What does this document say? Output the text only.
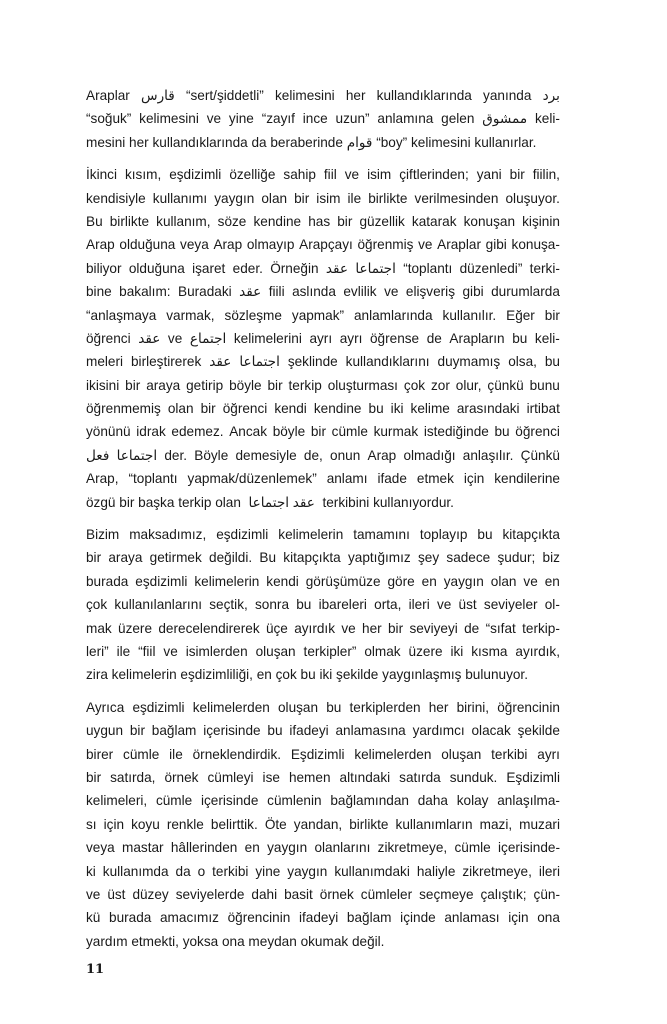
Araplar قارس “sert/şiddetli” kelimesini her kullandıklarında yanında برد
“soğuk” kelimesini ve yine “zayıf ince uzun” anlamına gelen ممشوق keli-
mesini her kullandıklarında da beraberinde قوام “boy” kelimesini kullanırlar.
İkinci kısım, eşdizimli özelliğe sahip fiil ve isim çiftlerinden; yani bir fiilin,
kendisiyle kullanımı yaygın olan bir isim ile birlikte verilmesinden oluşuyor.
Bu birlikte kullanım, söze kendine has bir güzellik katarak konuşan kişinin
Arap olduğuna veya Arap olmayıp Arapçayı öğrenmiş ve Araplar gibi konuşa-
biliyor olduğuna işaret eder. Örneğin عقد اجتماعا “toplantı düzenledi” terki-
bine bakalım: Buradaki عقد fiili aslında evlilik ve elişveriş gibi durumlarda
“anlaşmaya varmak, sözleşme yapmak” anlamlarında kullanılır. Eğer bir
öğrenci عقد ve اجتماع kelimelerini ayrı ayrı öğrense de Arapların bu keli-
meleri birleştirerek عقد اجتماعا şeklinde kullandıklarını duymamış olsa, bu
ikisini bir araya getirip böyle bir terkip oluşturması çok zor olur, çünkü bunu
öğrenmemiş olan bir öğrenci kendi kendine bu iki kelime arasındaki irtibat
yönünü idrak edemez. Ancak böyle bir cümle kurmak istediğinde bu öğrenci
فعل اجتماعا der. Böyle demesiyle de, onun Arap olmadığı anlaşılır. Çünkü
Arap, “toplantı yapmak/düzenlemek” anlamı ifade etmek için kendilerine
özgü bir başka terkip olan  عقد اجتماعا  terkibini kullanıyordur.
Bizim maksadımız, eşdizimli kelimelerin tamamını toplayıp bu kitapçıkta
bir araya getirmek değildi. Bu kitapçıkta yaptığımız şey sadece şudur; biz
burada eşdizimli kelimelerin kendi görüşümüze göre en yaygın olan ve en
çok kullanılanlarını seçtik, sonra bu ibareleri orta, ileri ve üst seviyeler ol-
mak üzere derecelendirerek üçe ayırdık ve her bir seviyeyi de “sıfat terkip-
leri” ile “fiil ve isimlerden oluşan terkipler” olmak üzere iki kısma ayırdık,
zira kelimelerin eşdizimliliği, en çok bu iki şekilde yaygınlaşmış bulunuyor.
Ayrıca eşdizimli kelimelerden oluşan bu terkiplerden her birini, öğrencinin
uygun bir bağlam içerisinde bu ifadeyi anlamasına yardımcı olacak şekilde
birer cümle ile örneklendirdik. Eşdizimli kelimelerden oluşan terkibi ayrı
bir satırda, örnek cümleyi ise hemen altındaki satırda sunduk. Eşdizimli
kelimeleri, cümle içerisinde cümlenin bağlamından daha kolay anlaşılma-
sı için koyu renkle belirttik. Öte yandan, birlikte kullanımların mazi, muzari
veya mastar hâllerinden en yaygın olanlarını zikretmeye, cümle içerisinde-
ki kullanımda da o terkibi yine yaygın kullanımdaki haliyle zikretmeye, ileri
ve üst düzey seviyelerde dahi basit örnek cümleler seçmeye çalıştık; çün-
kü burada amacımız öğrencinin ifadeyi bağlam içinde anlaması için ona
yardım etmekti, yoksa ona meydan okumak değil.
11
